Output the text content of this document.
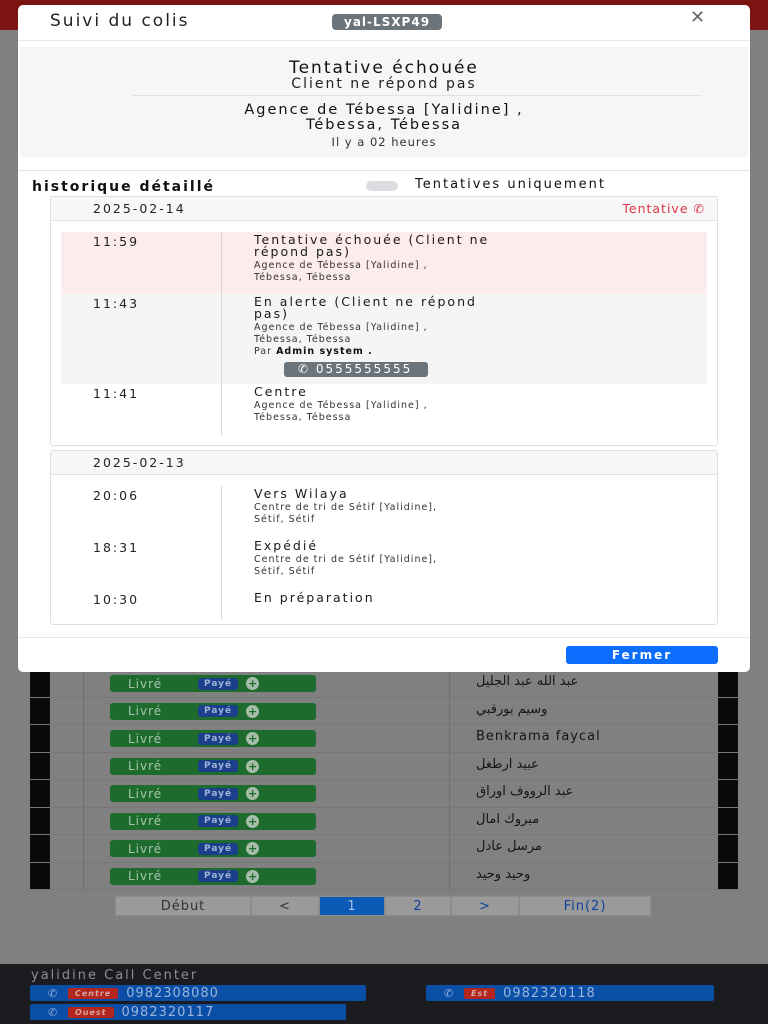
Livré	Payé	+	عبد الله عبد الجليل
Livré	Payé	+	وسيم بورقبي
Livré	Payé	+	Benkrama faycal
Livré	Payé	+	عبيد ارطغل
Livré	Payé	+	عبد الرووف اوراق
Livré	Payé	+	مبروك امال
Livré	Payé	+	مرسل عادل
Livré	Payé	+	وحيد وحيد
Début	<	1	2	>	Fin(2)
yalidine Call Center
✆	Centre	0982308080	✆	Est	0982320118
✆	Ouest	0982320117
Suivi du colis	yal-LSXP49	✕
Tentative échouée
Client ne répond pas
Agence de Tébessa [Yalidine] ,
Tébessa, Tébessa
Il y a 02 heures
historique détaillé	Tentatives uniquement
2025-02-14	Tentative ✆
11:59	Tentative échouée (Client ne
répond pas)
Agence de Tébessa [Yalidine] ,
Tébessa, Tébessa
11:43	En alerte (Client ne répond
pas)
Agence de Tébessa [Yalidine] ,
Tébessa, Tébessa
Par Admin system .
✆ 0555555555
11:41	Centre
Agence de Tébessa [Yalidine] ,
Tébessa, Tébessa
2025-02-13
20:06	Vers Wilaya
Centre de tri de Sétif [Yalidine],
Sétif, Sétif
18:31	Expédié
Centre de tri de Sétif [Yalidine],
Sétif, Sétif
10:30	En préparation
Fermer
